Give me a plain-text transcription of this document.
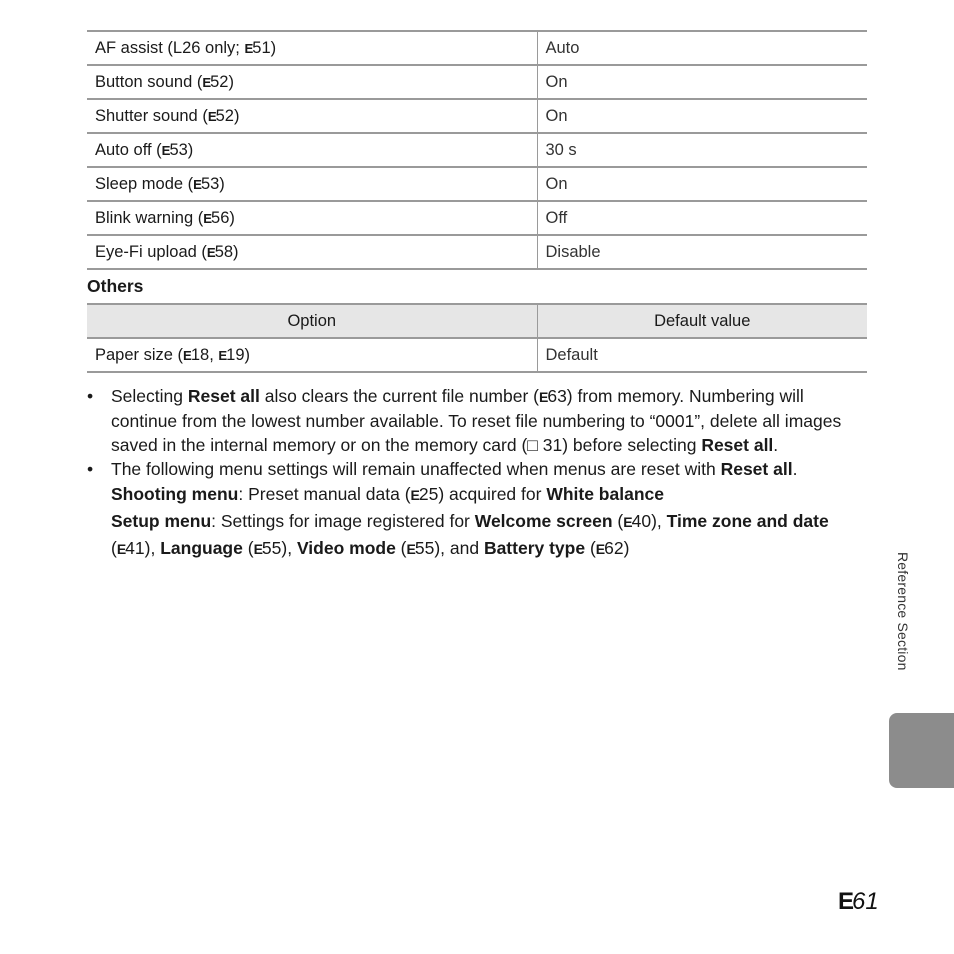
AF assist (L26 only; E51)	Auto
Button sound (E52)	On
Shutter sound (E52)	On
Auto off (E53)	30 s
Sleep mode (E53)	On
Blink warning (E56)	Off
Eye-Fi upload (E58)	Disable
Others
Option	Default value
Paper size (E18, E19)	Default
• Selecting Reset all also clears the current file number (E63) from memory. Numbering will continue from the lowest number available. To reset file numbering to “0001”, delete all images saved in the internal memory or on the memory card (□ 31) before selecting Reset all.
• The following menu settings will remain unaffected when menus are reset with Reset all.
Shooting menu: Preset manual data (E25) acquired for White balance
Setup menu: Settings for image registered for Welcome screen (E40), Time zone and date (E41), Language (E55), Video mode (E55), and Battery type (E62)
Reference Section
E61
